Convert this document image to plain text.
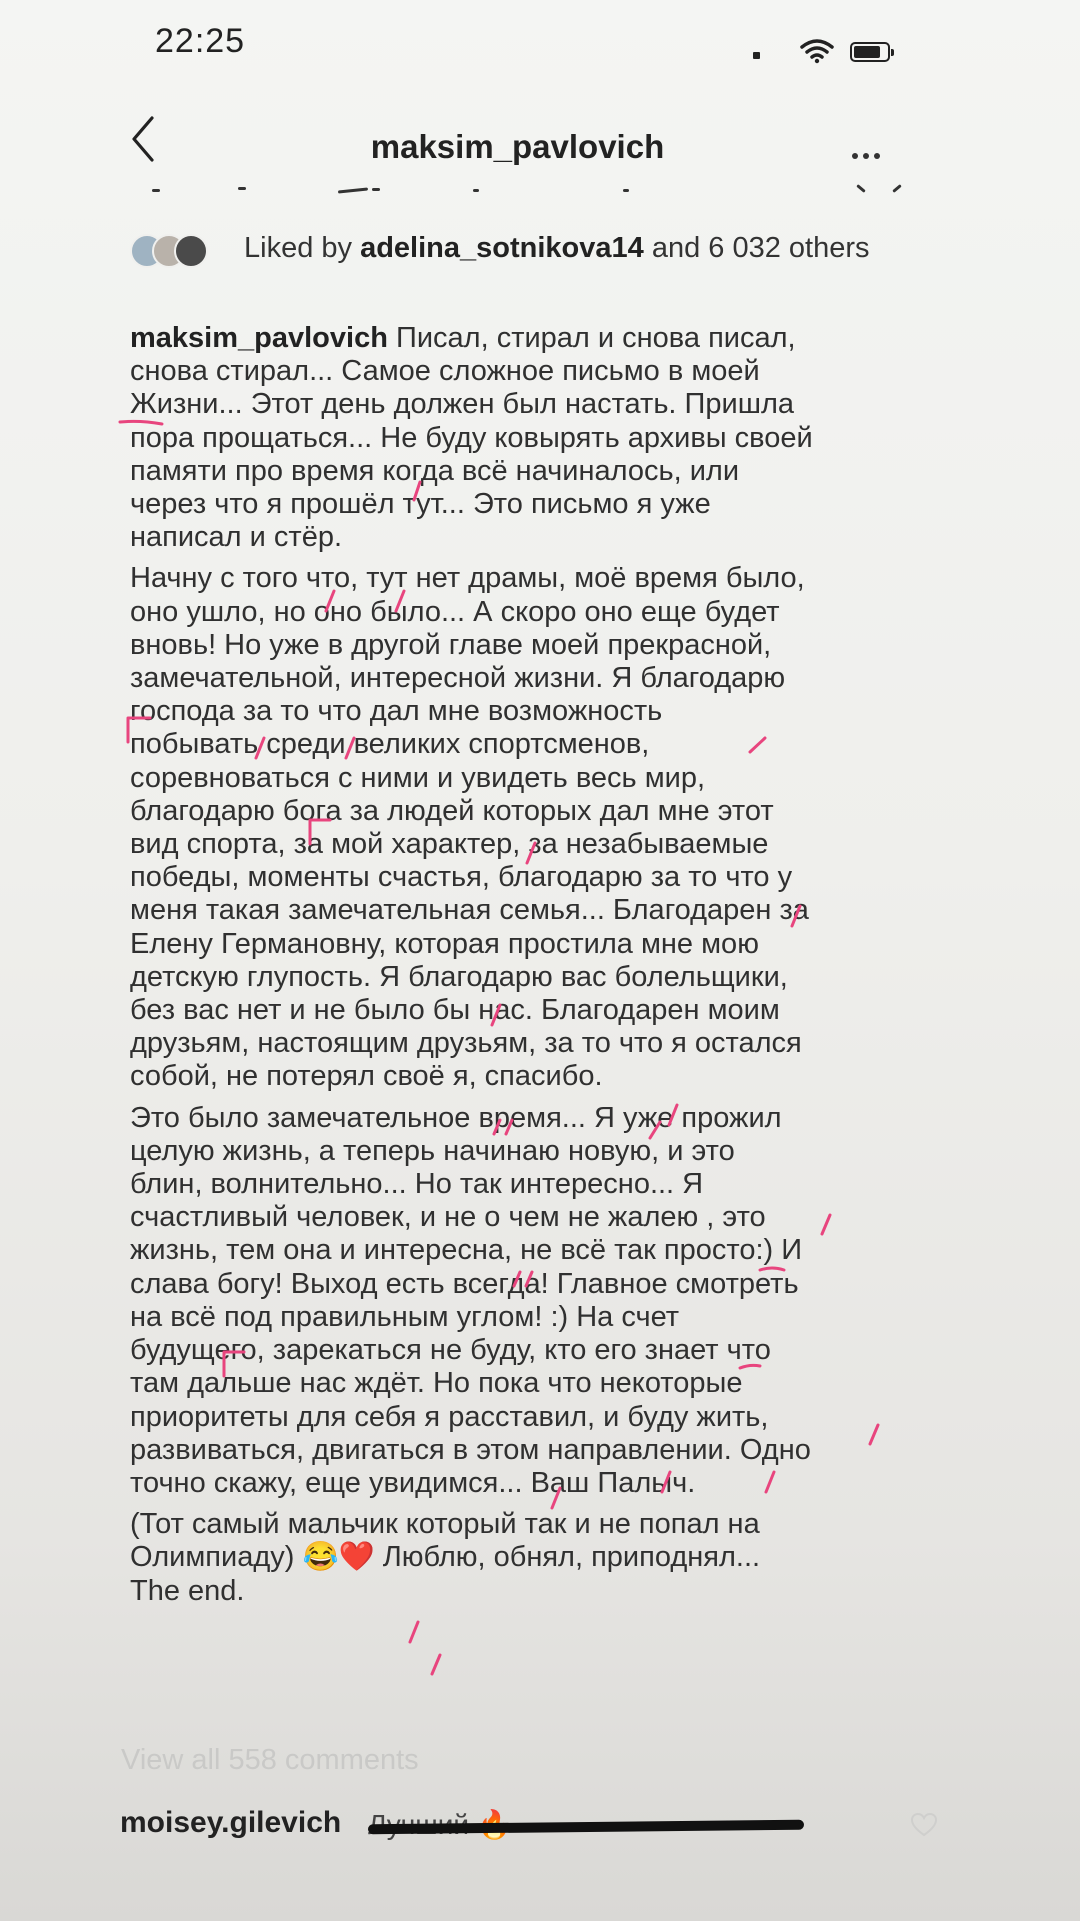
22:25
maksim_pavlovich
Liked by adelina_sotnikova14 and 6 032 others

maksim_pavlovich Писал, стирал и снова писал,
снова стирал... Самое сложное письмо в моей
Жизни... Этот день должен был настать. Пришла
пора прощаться... Не буду ковырять архивы своей
памяти про время когда всё начиналось, или
через что я прошёл тут... Это письмо я уже
написал и стёр.

Начну с того что, тут нет драмы, моё время было,
оно ушло, но оно было... А скоро оно еще будет
вновь! Но уже в другой главе моей прекрасной,
замечательной, интересной жизни. Я благодарю
господа за то что дал мне возможность
побывать среди великих спортсменов,
соревноваться с ними и увидеть весь мир,
благодарю бога за людей которых дал мне этот
вид спорта, за мой характер, за незабываемые
победы, моменты счастья, благодарю за то что у
меня такая замечательная семья... Благодарен за
Елену Германовну, которая простила мне мою
детскую глупость. Я благодарю вас болельщики,
без вас нет и не было бы нас. Благодарен моим
друзьям, настоящим друзьям, за то что я остался
собой, не потерял своё я, спасибо.

Это было замечательное время... Я уже прожил
целую жизнь, а теперь начинаю новую, и это
блин, волнительно... Но так интересно... Я
счастливый человек, и не о чем не жалею , это
жизнь, тем она и интересна, не всё так просто:) И
слава богу! Выход есть всегда! Главное смотреть
на всё под правильным углом! :) На счет
будущего, зарекаться не буду, кто его знает что
там дальше нас ждёт. Но пока что некоторые
приоритеты для себя я расставил, и буду жить,
развиваться, двигаться в этом направлении. Одно
точно скажу, еще увидимся... Ваш Палыч.

(Тот самый мальчик который так и не попал на
Олимпиаду) 😂❤️ Люблю, обнял, приподнял...
The end.

View all 558 comments
moisey.gilevich
